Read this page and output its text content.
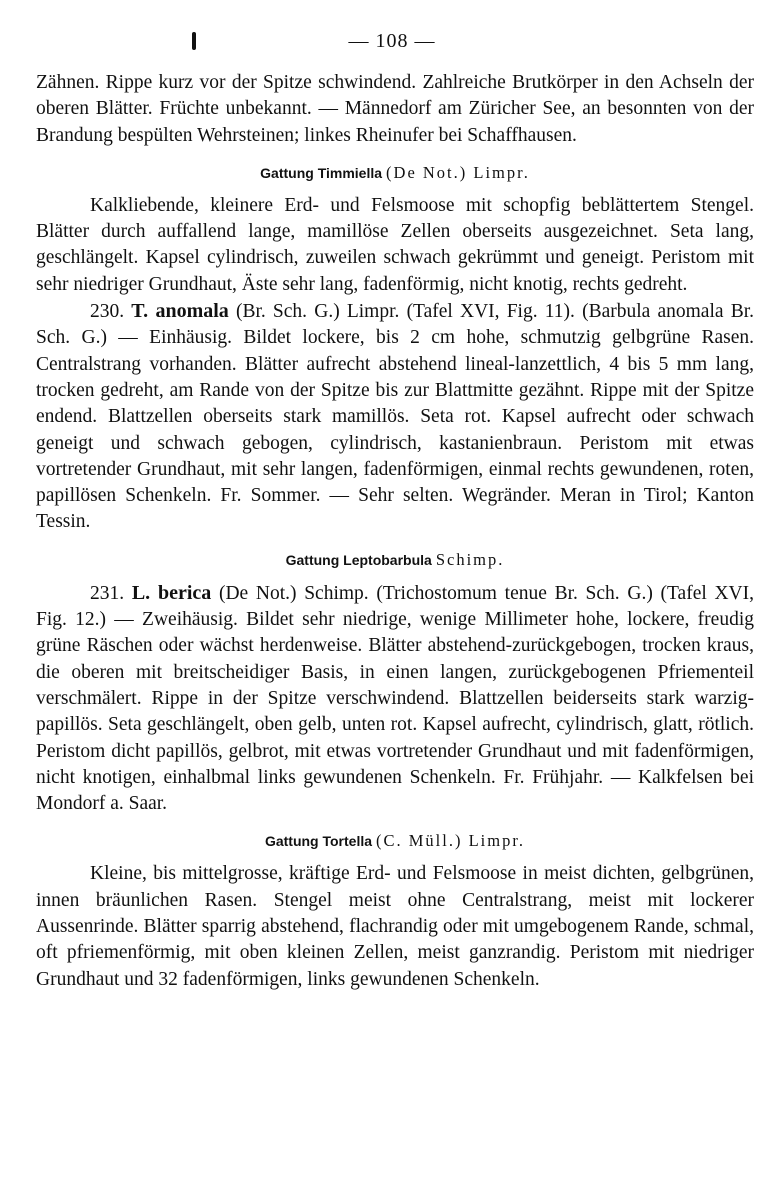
— 108 —

Zähnen. Rippe kurz vor der Spitze schwindend. Zahlreiche Brutkörper in den Achseln der oberen Blätter. Früchte unbekannt. — Männedorf am Züricher See, an besonnten von der Brandung bespülten Wehrsteinen; linkes Rheinufer bei Schaffhausen.

Gattung Timmiella (De Not.) Limpr.

Kalkliebende, kleinere Erd- und Felsmoose mit schopfig beblättertem Stengel. Blätter durch auffallend lange, mamillöse Zellen oberseits ausgezeichnet. Seta lang, geschlängelt. Kapsel cylindrisch, zuweilen schwach gekrümmt und geneigt. Peristom mit sehr niedriger Grundhaut, Äste sehr lang, fadenförmig, nicht knotig, rechts gedreht.

230. T. anomala (Br. Sch. G.) Limpr. (Tafel XVI, Fig. 11). (Barbula anomala Br. Sch. G.) — Einhäusig. Bildet lockere, bis 2 cm hohe, schmutzig gelbgrüne Rasen. Centralstrang vorhanden. Blätter aufrecht abstehend lineal-lanzettlich, 4 bis 5 mm lang, trocken gedreht, am Rande von der Spitze bis zur Blattmitte gezähnt. Rippe mit der Spitze endend. Blattzellen oberseits stark mamillös. Seta rot. Kapsel aufrecht oder schwach geneigt und schwach gebogen, cylindrisch, kastanienbraun. Peristom mit etwas vortretender Grundhaut, mit sehr langen, fadenförmigen, einmal rechts gewundenen, roten, papillösen Schenkeln. Fr. Sommer. — Sehr selten. Wegränder. Meran in Tirol; Kanton Tessin.

Gattung Leptobarbula Schimp.

231. L. berica (De Not.) Schimp. (Trichostomum tenue Br. Sch. G.) (Tafel XVI, Fig. 12.) — Zweihäusig. Bildet sehr niedrige, wenige Millimeter hohe, lockere, freudig grüne Räschen oder wächst herdenweise. Blätter abstehend-zurückgebogen, trocken kraus, die oberen mit breitscheidiger Basis, in einen langen, zurückgebogenen Pfriementeil verschmälert. Rippe in der Spitze verschwindend. Blattzellen beiderseits stark warzig-papillös. Seta geschlängelt, oben gelb, unten rot. Kapsel aufrecht, cylindrisch, glatt, rötlich. Peristom dicht papillös, gelbrot, mit etwas vortretender Grundhaut und mit fadenförmigen, nicht knotigen, einhalbmal links gewundenen Schenkeln. Fr. Frühjahr. — Kalkfelsen bei Mondorf a. Saar.

Gattung Tortella (C. Müll.) Limpr.

Kleine, bis mittelgrosse, kräftige Erd- und Felsmoose in meist dichten, gelbgrünen, innen bräunlichen Rasen. Stengel meist ohne Centralstrang, meist mit lockerer Aussenrinde. Blätter sparrig abstehend, flachrandig oder mit umgebogenem Rande, schmal, oft pfriemenförmig, mit oben kleinen Zellen, meist ganzrandig. Peristom mit niedriger Grundhaut und 32 fadenförmigen, links gewundenen Schenkeln.
